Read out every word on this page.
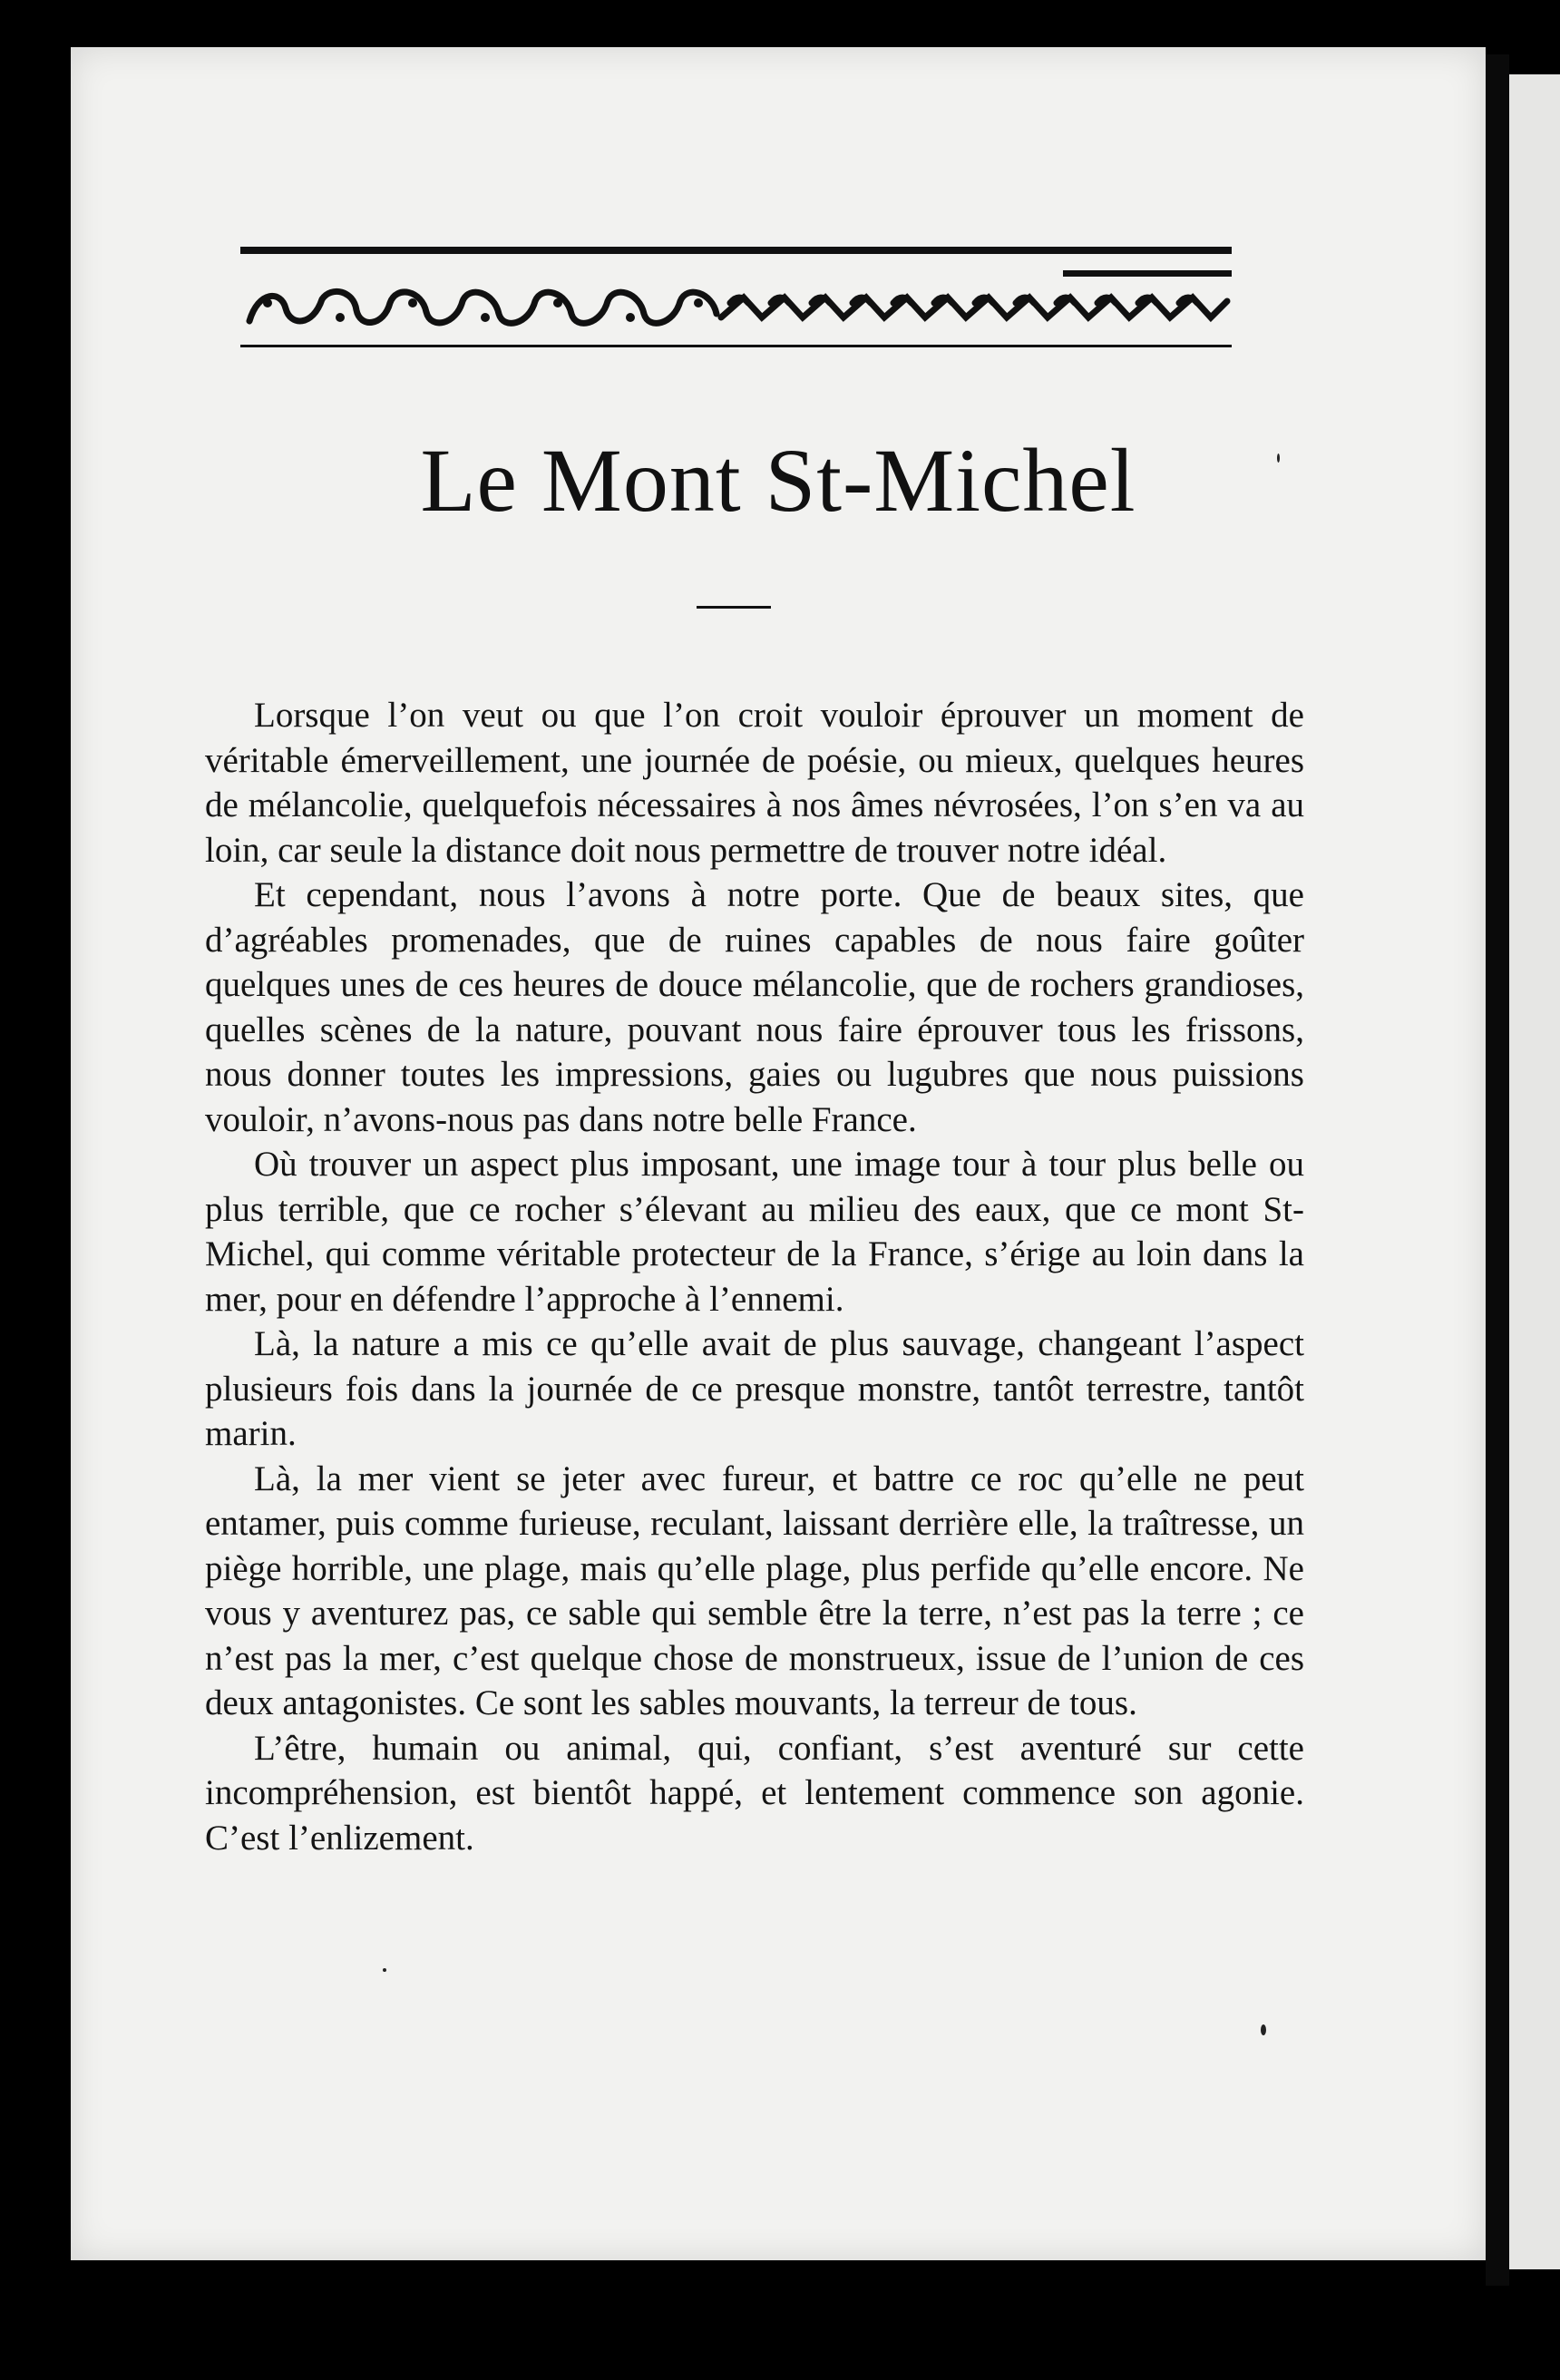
Le Mont St-Michel

Lorsque l’on veut ou que l’on croit vouloir éprouver un moment de véritable émerveillement, une journée de poésie, ou mieux, quelques heures de mélancolie, quelquefois nécessaires à nos âmes névrosées, l’on s’en va au loin, car seule la distance doit nous permettre de trouver notre idéal.

Et cependant, nous l’avons à notre porte. Que de beaux sites, que d’agréables promenades, que de ruines capables de nous faire goûter quelques unes de ces heures de douce mélancolie, que de rochers grandioses, quelles scènes de la nature, pouvant nous faire éprouver tous les frissons, nous donner toutes les impressions, gaies ou lugubres que nous puissions vouloir, n’avons-nous pas dans notre belle France.

Où trouver un aspect plus imposant, une image tour à tour plus belle ou plus terrible, que ce rocher s’élevant au milieu des eaux, que ce mont St-Michel, qui comme véritable protecteur de la France, s’érige au loin dans la mer, pour en défendre l’approche à l’ennemi.

Là, la nature a mis ce qu’elle avait de plus sauvage, changeant l’aspect plusieurs fois dans la journée de ce presque monstre, tantôt terrestre, tantôt marin.

Là, la mer vient se jeter avec fureur, et battre ce roc qu’elle ne peut entamer, puis comme furieuse, reculant, laissant derrière elle, la traîtresse, un piège horrible, une plage, mais qu’elle plage, plus perfide qu’elle encore. Ne vous y aventurez pas, ce sable qui semble être la terre, n’est pas la terre ; ce n’est pas la mer, c’est quelque chose de monstrueux, issue de l’union de ces deux antagonistes. Ce sont les sables mouvants, la terreur de tous.

L’être, humain ou animal, qui, confiant, s’est aventuré sur cette incompréhension, est bientôt happé, et lentement commence son agonie. C’est l’enlizement.
